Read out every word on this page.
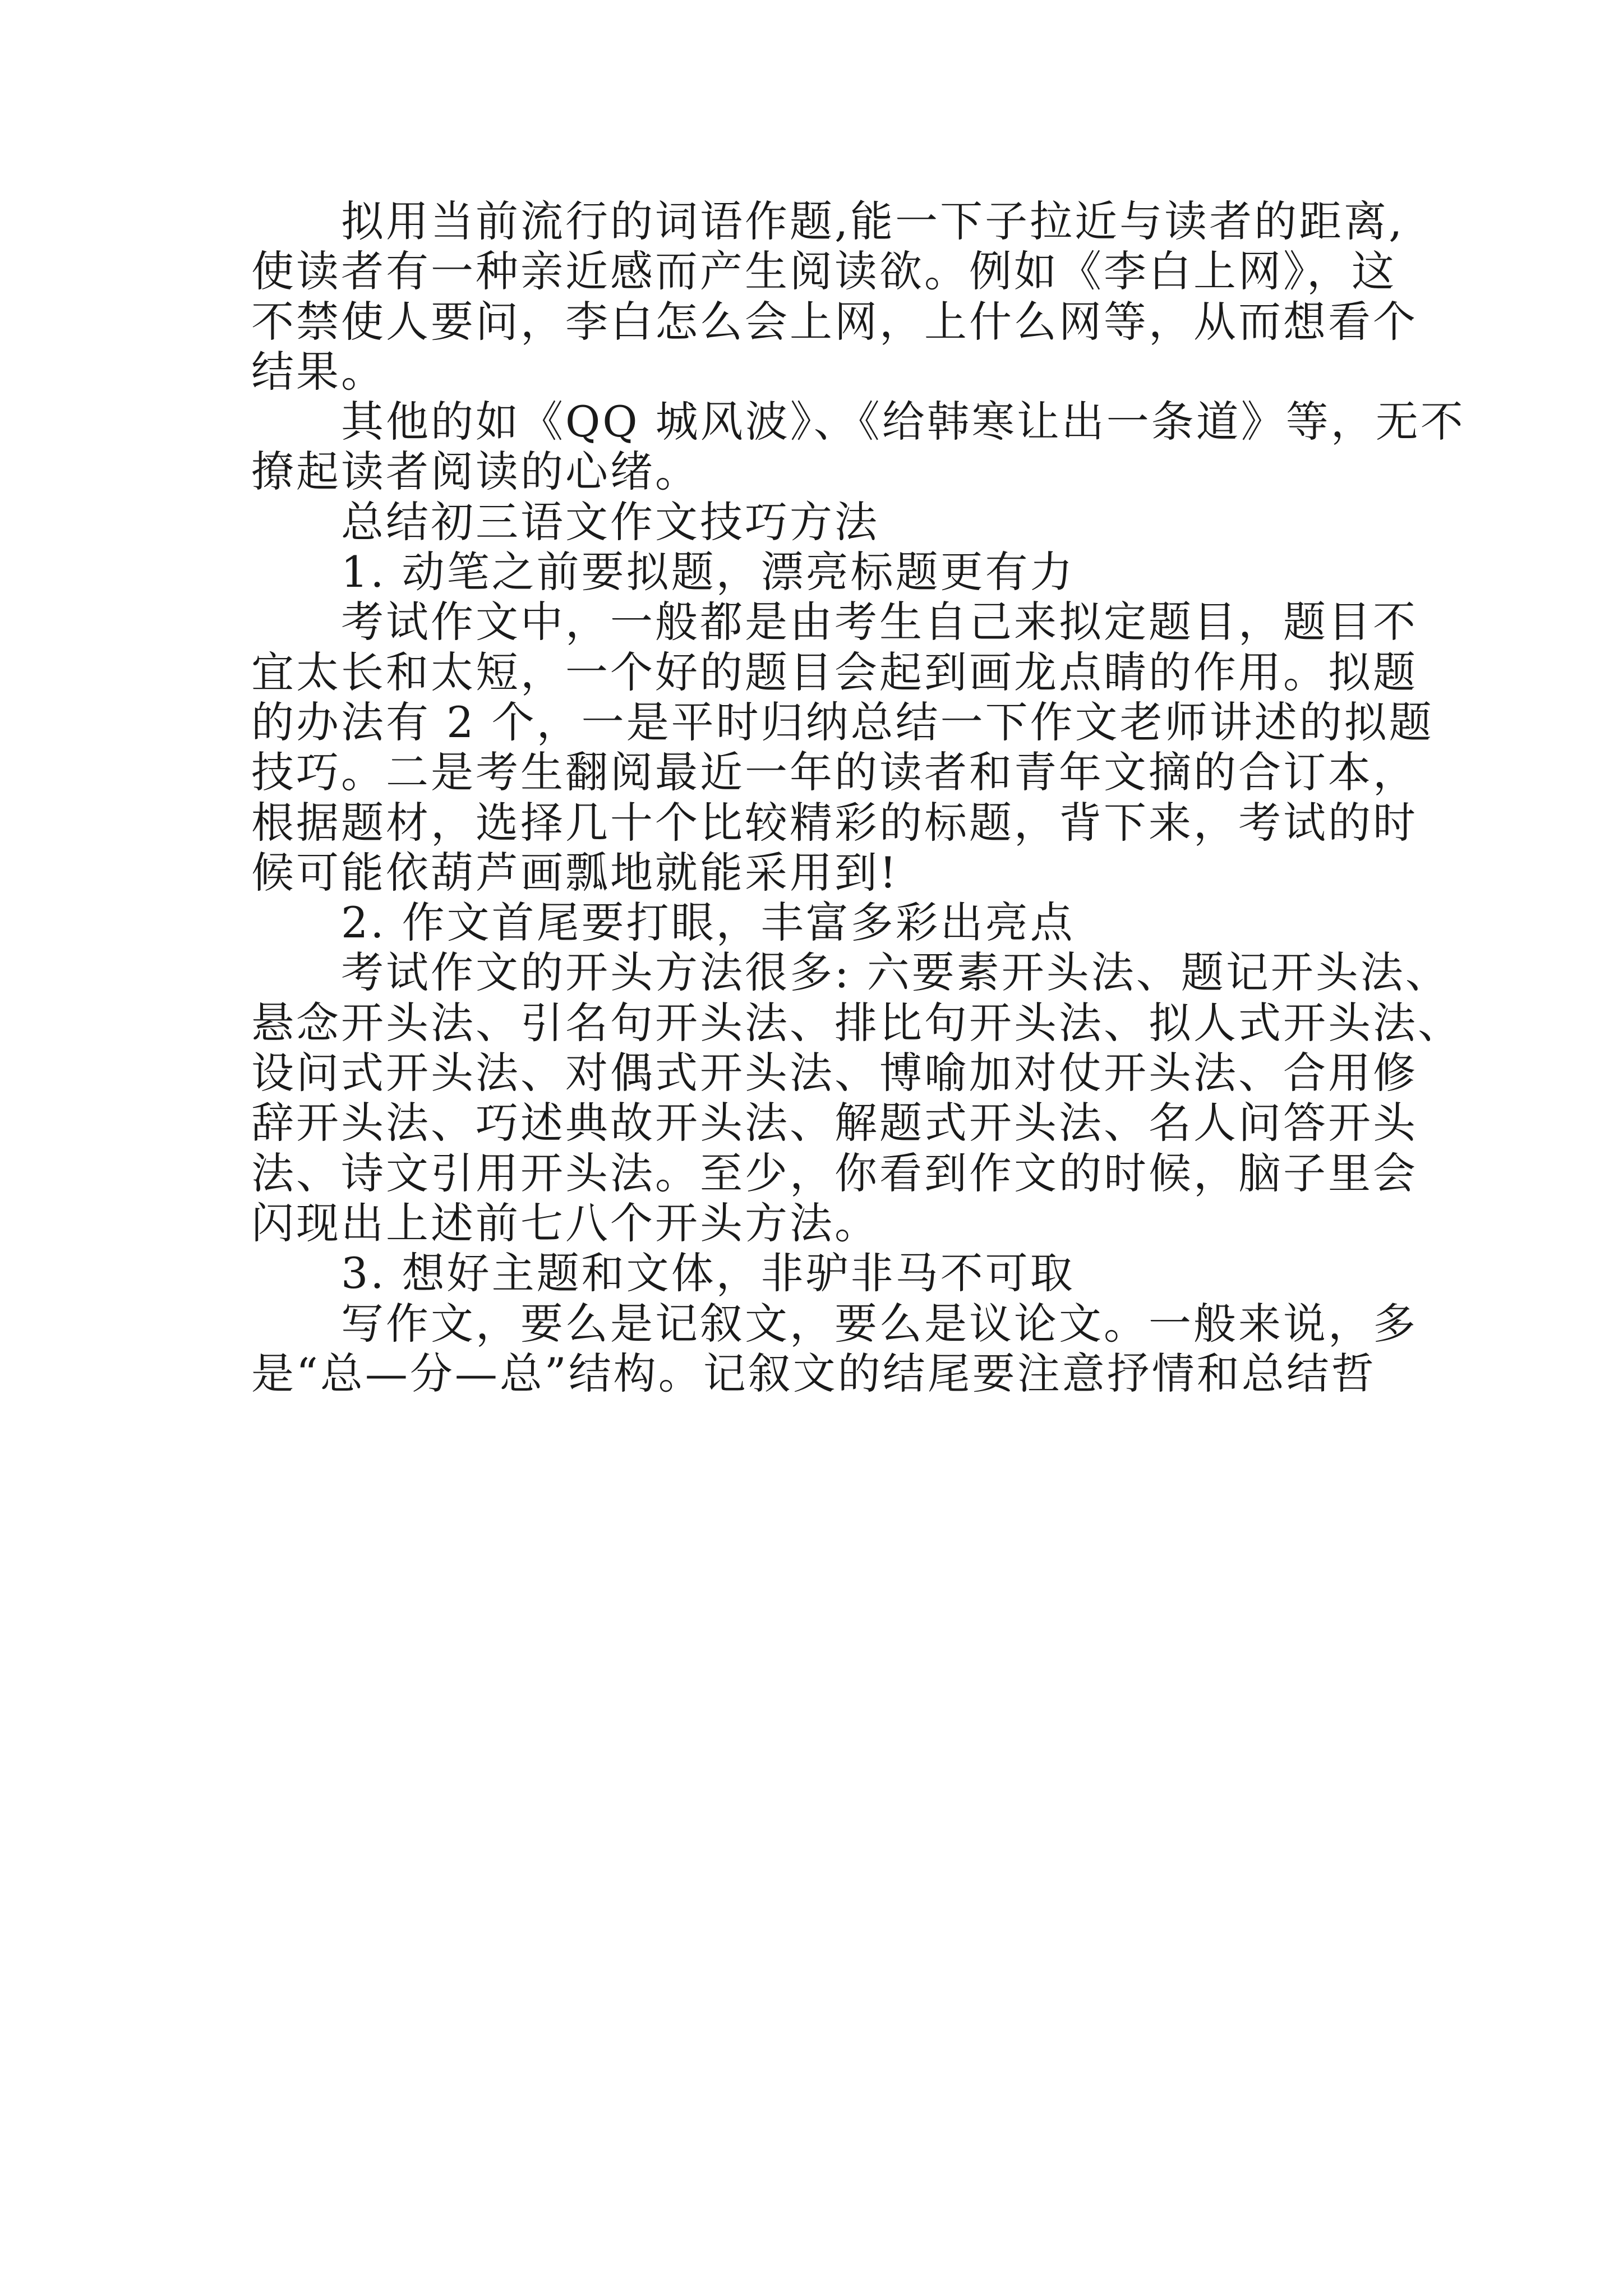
　　拟用当前流行的词语作题,能一下子拉近与读者的距离,
使读者有一种亲近感而产生阅读欲。例如《李白上网》，这
不禁使人要问，李白怎么会上网，上什么网等，从而想看个
结果。
　　其他的如《QQ 城风波》、《给韩寒让出一条道》等，无不
撩起读者阅读的心绪。
　　总结初三语文作文技巧方法
　　1. 动笔之前要拟题，漂亮标题更有力
　　考试作文中，一般都是由考生自己来拟定题目，题目不
宜太长和太短，一个好的题目会起到画龙点睛的作用。拟题
的办法有 2 个，一是平时归纳总结一下作文老师讲述的拟题
技巧。二是考生翻阅最近一年的读者和青年文摘的合订本，
根据题材，选择几十个比较精彩的标题，背下来，考试的时
候可能依葫芦画瓢地就能采用到!
　　2. 作文首尾要打眼，丰富多彩出亮点
　　考试作文的开头方法很多: 六要素开头法、题记开头法、
悬念开头法、引名句开头法、排比句开头法、拟人式开头法、
设问式开头法、对偶式开头法、博喻加对仗开头法、合用修
辞开头法、巧述典故开头法、解题式开头法、名人问答开头
法、诗文引用开头法。至少，你看到作文的时候，脑子里会
闪现出上述前七八个开头方法。
　　3. 想好主题和文体，非驴非马不可取
　　写作文，要么是记叙文，要么是议论文。一般来说，多
是“总—分—总”结构。记叙文的结尾要注意抒情和总结哲
